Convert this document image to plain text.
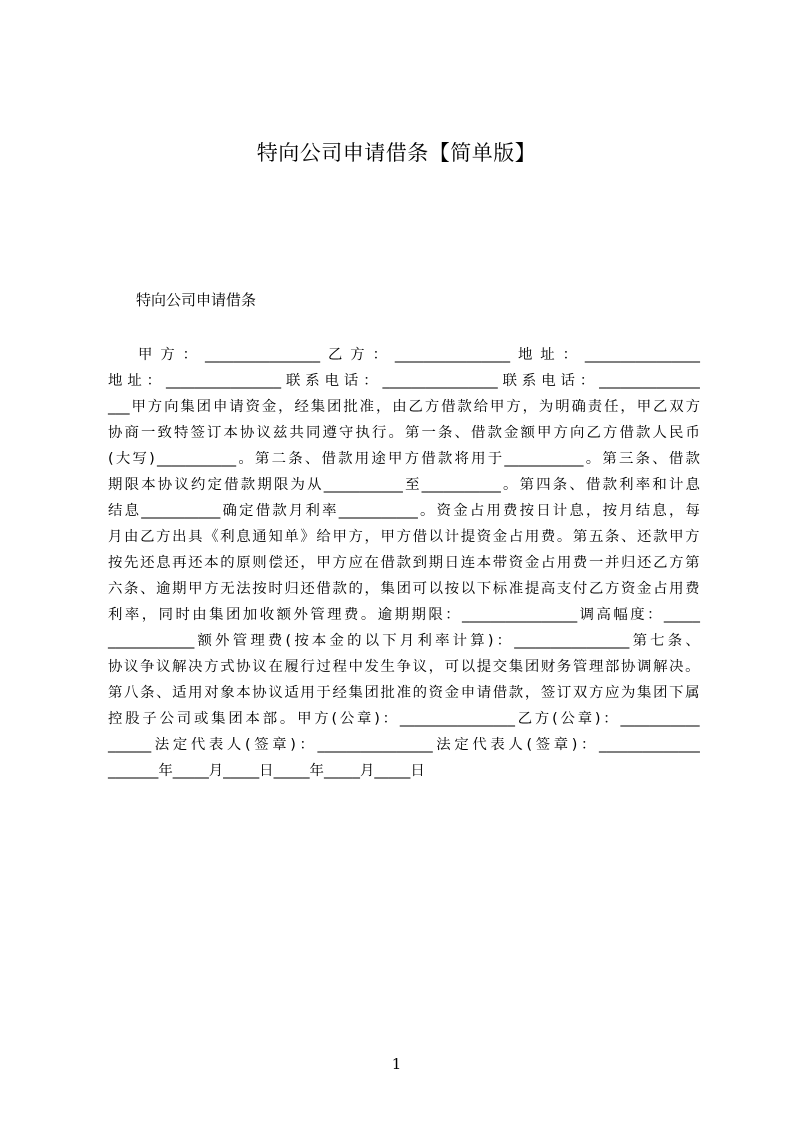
特向公司申请借条【简单版】

特向公司申请借条

甲 方 ： ________________ 乙 方 ： ________________ 地 址 ： ________________
地 址 ： ________________ 联 系 电 话 ： ________________ 联 系 电 话 ： ______________
___ 甲 方 向 集 团 申 请 资 金 ， 经 集 团 批 准 ， 由 乙 方 借 款 给 甲 方 ， 为 明 确 责 任 ， 甲 乙 双 方
协 商 一 致 特 签 订 本 协 议 兹 共 同 遵 守 执 行 。 第 一 条 、 借 款 金 额 甲 方 向 乙 方 借 款 人 民 币
( 大 写 ) ___________ 。 第 二 条 、 借 款 用 途 甲 方 借 款 将 用 于 ___________ 。 第 三 条 、 借 款
期 限 本 协 议 约 定 借 款 期 限 为 从 ___________ 至 ___________ 。 第 四 条 、 借 款 利 率 和 计 息
结 息 ___________ 确 定 借 款 月 利 率 ___________ 。 资 金 占 用 费 按 日 计 息 ， 按 月 结 息 ， 每
月 由 乙 方 出 具 《 利 息 通 知 单 》 给 甲 方 ， 甲 方 借 以 计 提 资 金 占 用 费 。 第 五 条 、 还 款 甲 方
按 先 还 息 再 还 本 的 原 则 偿 还 ， 甲 方 应 在 借 款 到 期 日 连 本 带 资 金 占 用 费 一 并 归 还 乙 方 第
六 条 、 逾 期 甲 方 无 法 按 时 归 还 借 款 的 ， 集 团 可 以 按 以 下 标 准 提 高 支 付 乙 方 资 金 占 用 费
利 率 ， 同 时 由 集 团 加 收 额 外 管 理 费 。 逾 期 期 限 ： ________________ 调 高 幅 度 ： _____
____________ 额 外 管 理 费 ( 按 本 金 的 以 下 月 利 率 计 算 ) ： ________________ 第 七 条 、
协 议 争 议 解 决 方 式 协 议 在 履 行 过 程 中 发 生 争 议 ， 可 以 提 交 集 团 财 务 管 理 部 协 调 解 决 。
第 八 条 、 适 用 对 象 本 协 议 适 用 于 经 集 团 批 准 的 资 金 申 请 借 款 ， 签 订 双 方 应 为 集 团 下 属
控 股 子 公 司 或 集 团 本 部 。 甲 方 ( 公 章 ) ： ________________ 乙 方 ( 公 章 ) ： ___________
______ 法 定 代 表 人 ( 签 章 ) ： ________________ 法 定 代 表 人 ( 签 章 ) ： ______________
_______ 年 _____ 月 _____ 日 _____ 年 _____ 月 _____ 日
1
